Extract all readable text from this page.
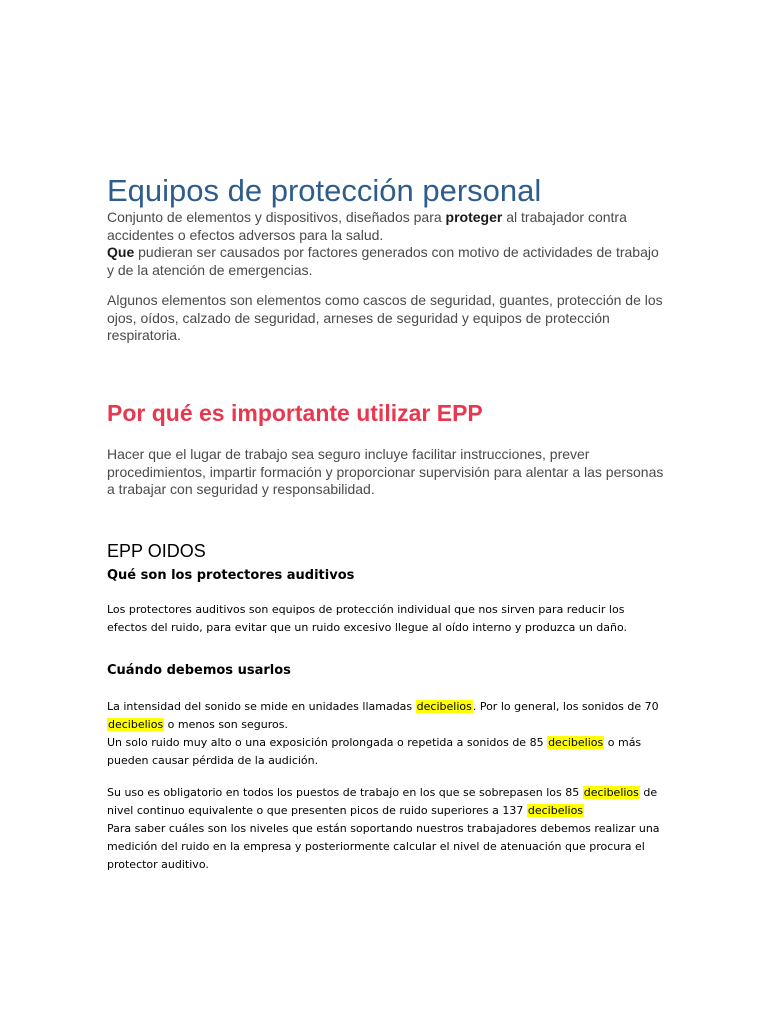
Equipos de protección personal
Conjunto de elementos y dispositivos, diseñados para proteger al trabajador contra accidentes o efectos adversos para la salud.
Que pudieran ser causados por factores generados con motivo de actividades de trabajo y de la atención de emergencias.
Algunos elementos son elementos como cascos de seguridad, guantes, protección de los ojos, oídos, calzado de seguridad, arneses de seguridad y equipos de protección respiratoria.
Por qué es importante utilizar EPP
Hacer que el lugar de trabajo sea seguro incluye facilitar instrucciones, prever procedimientos, impartir formación y proporcionar supervisión para alentar a las personas a trabajar con seguridad y responsabilidad.
EPP OIDOS
Qué son los protectores auditivos
Los protectores auditivos son equipos de protección individual que nos sirven para reducir los efectos del ruido, para evitar que un ruido excesivo llegue al oído interno y produzca un daño.
Cuándo debemos usarlos
La intensidad del sonido se mide en unidades llamadas decibelios. Por lo general, los sonidos de 70 decibelios o menos son seguros.
Un solo ruido muy alto o una exposición prolongada o repetida a sonidos de 85 decibelios o más pueden causar pérdida de la audición.
Su uso es obligatorio en todos los puestos de trabajo en los que se sobrepasen los 85 decibelios de nivel continuo equivalente o que presenten picos de ruido superiores a 137 decibelios
Para saber cuáles son los niveles que están soportando nuestros trabajadores debemos realizar una medición del ruido en la empresa y posteriormente calcular el nivel de atenuación que procura el protector auditivo.
